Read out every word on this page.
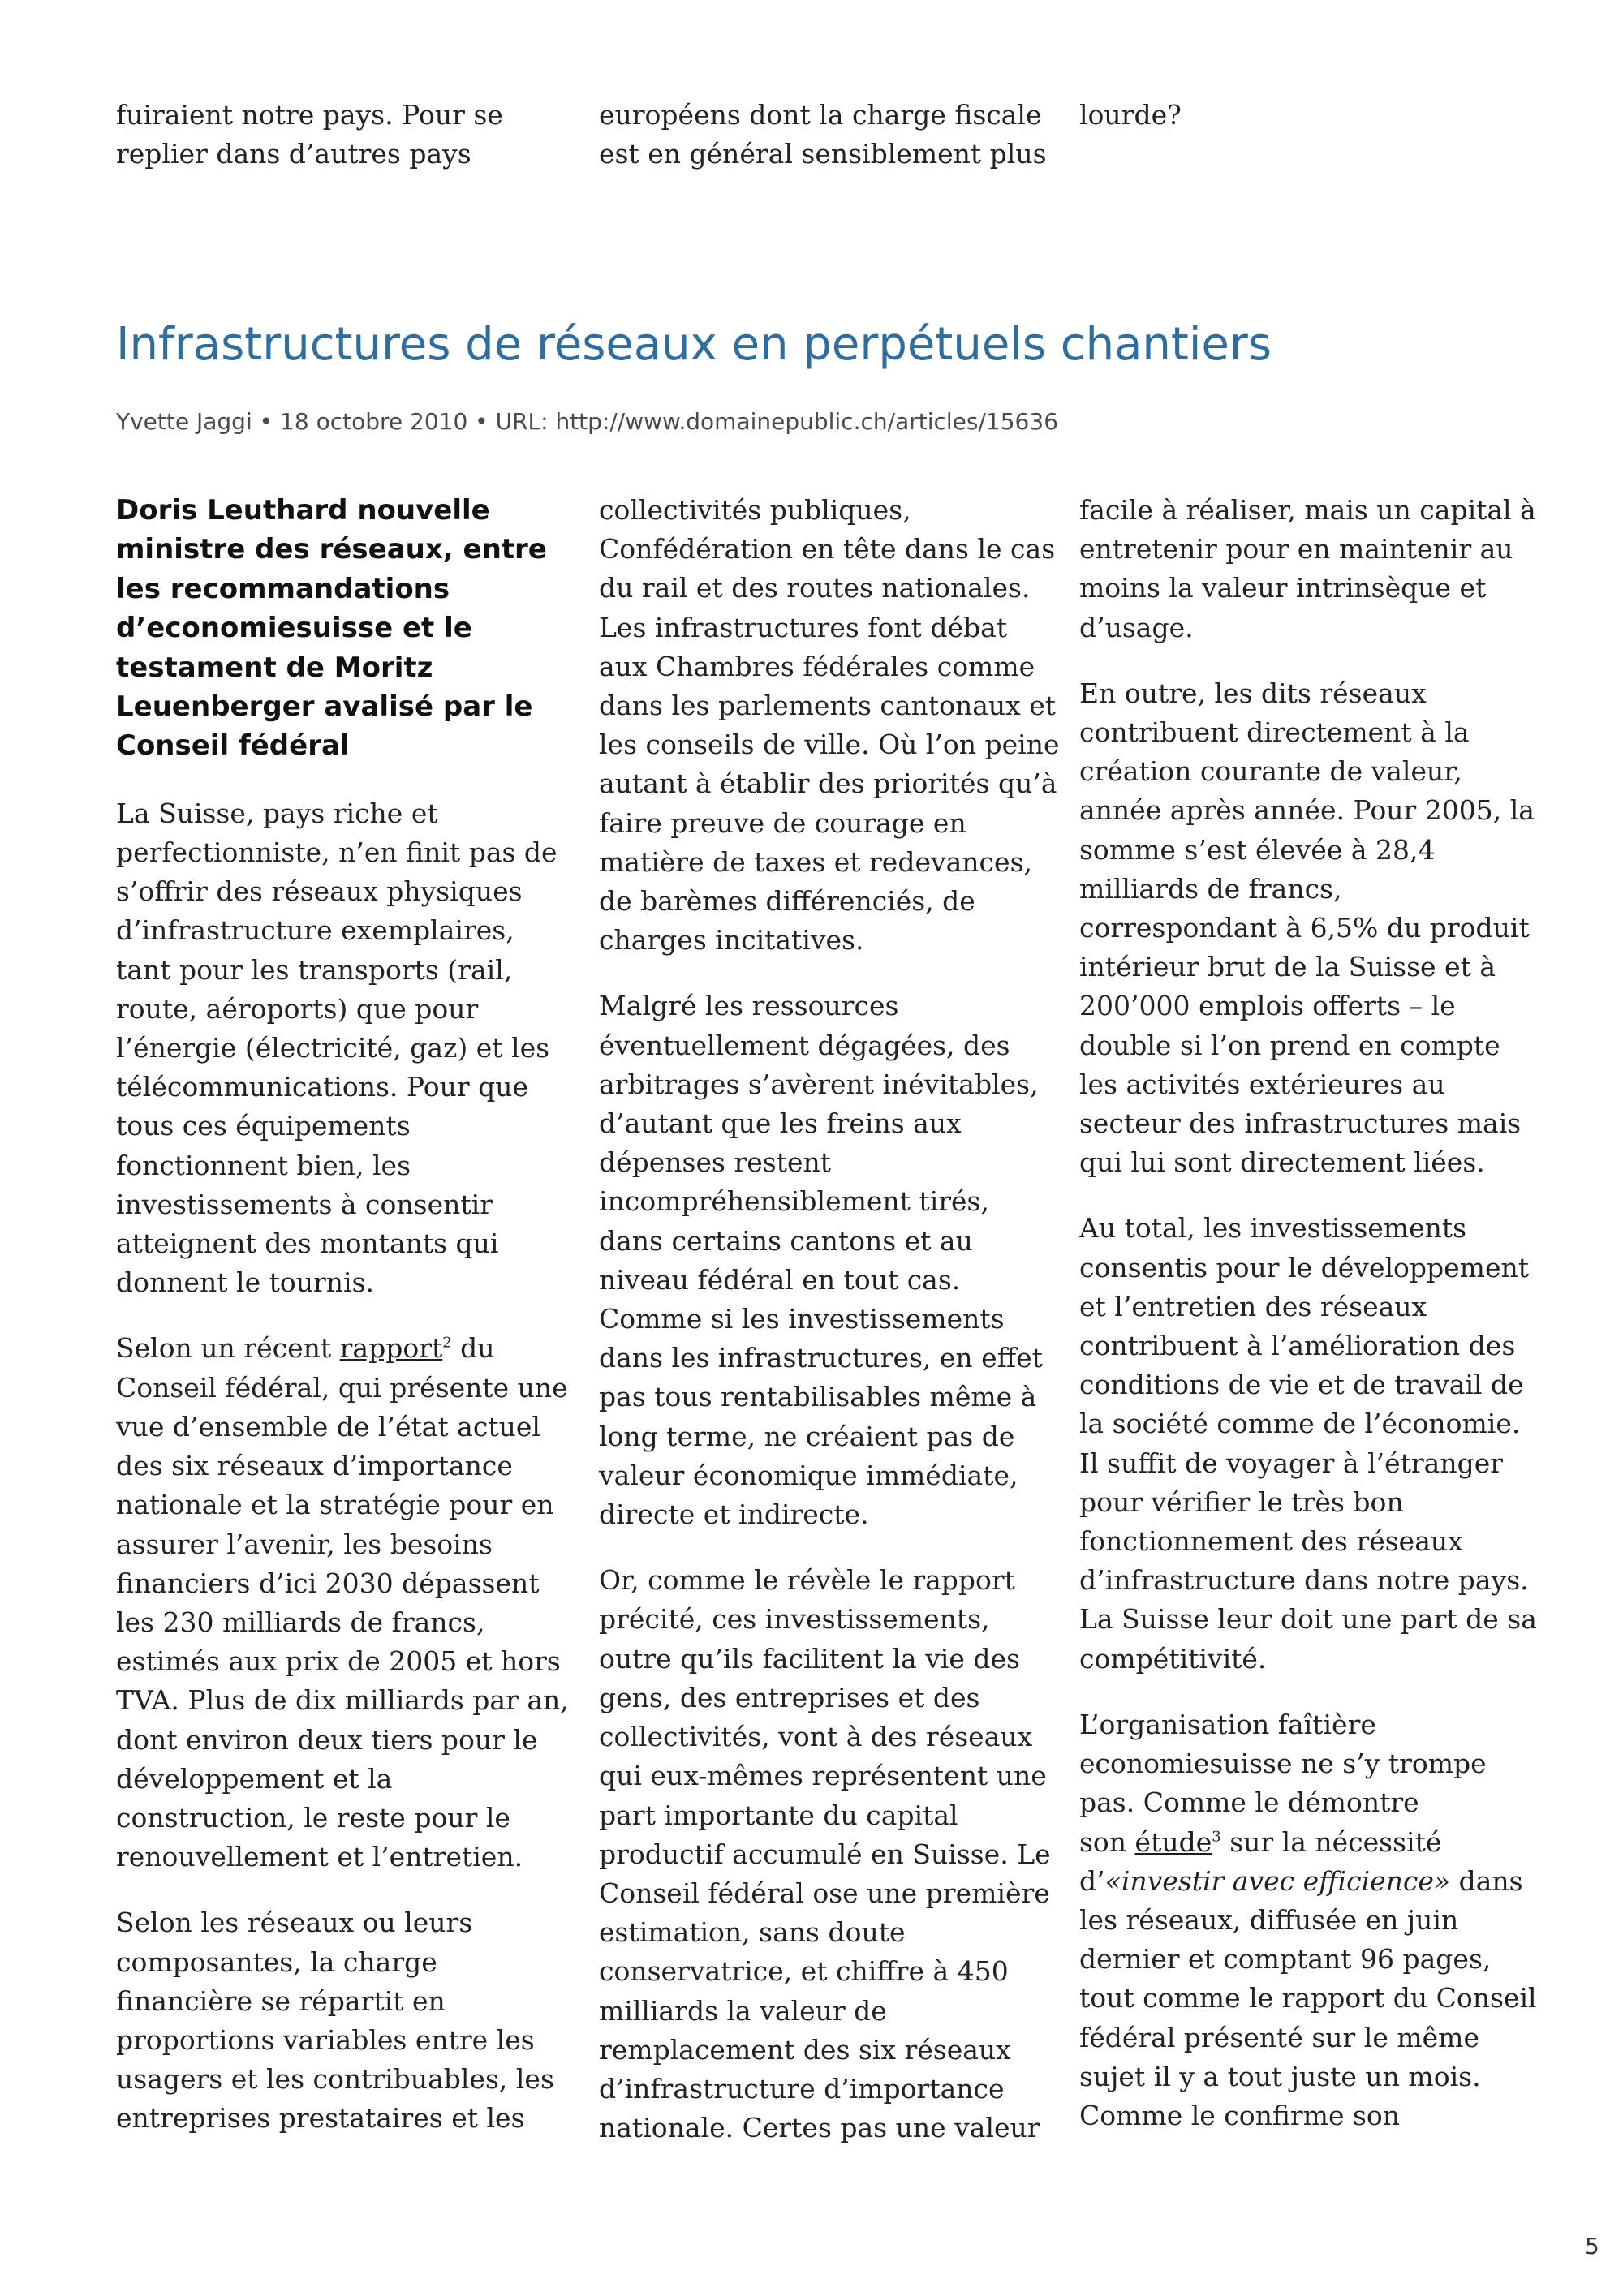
fuiraient notre pays. Pour se
replier dans d’autres pays
européens dont la charge fiscale
est en général sensiblement plus
lourde?
Infrastructures de réseaux en perpétuels chantiers
Yvette Jaggi • 18 octobre 2010 • URL: http://www.domainepublic.ch/articles/15636
Doris Leuthard nouvelle
ministre des réseaux, entre
les recommandations
d’economiesuisse et le
testament de Moritz
Leuenberger avalisé par le
Conseil fédéral

La Suisse, pays riche et
perfectionniste, n’en finit pas de
s’offrir des réseaux physiques
d’infrastructure exemplaires,
tant pour les transports (rail,
route, aéroports) que pour
l’énergie (électricité, gaz) et les
télécommunications. Pour que
tous ces équipements
fonctionnent bien, les
investissements à consentir
atteignent des montants qui
donnent le tournis.

Selon un récent rapport$^2$ du
Conseil fédéral, qui présente une
vue d’ensemble de l’état actuel
des six réseaux d’importance
nationale et la stratégie pour en
assurer l’avenir, les besoins
financiers d’ici 2030 dépassent
les 230 milliards de francs,
estimés aux prix de 2005 et hors
TVA. Plus de dix milliards par an,
dont environ deux tiers pour le
développement et la
construction, le reste pour le
renouvellement et l’entretien.

Selon les réseaux ou leurs
composantes, la charge
financière se répartit en
proportions variables entre les
usagers et les contribuables, les
entreprises prestataires et les

collectivités publiques,
Confédération en tête dans le cas
du rail et des routes nationales.
Les infrastructures font débat
aux Chambres fédérales comme
dans les parlements cantonaux et
les conseils de ville. Où l’on peine
autant à établir des priorités qu’à
faire preuve de courage en
matière de taxes et redevances,
de barèmes différenciés, de
charges incitatives.

Malgré les ressources
éventuellement dégagées, des
arbitrages s’avèrent inévitables,
d’autant que les freins aux
dépenses restent
incompréhensiblement tirés,
dans certains cantons et au
niveau fédéral en tout cas.
Comme si les investissements
dans les infrastructures, en effet
pas tous rentabilisables même à
long terme, ne créaient pas de
valeur économique immédiate,
directe et indirecte.

Or, comme le révèle le rapport
précité, ces investissements,
outre qu’ils facilitent la vie des
gens, des entreprises et des
collectivités, vont à des réseaux
qui eux-mêmes représentent une
part importante du capital
productif accumulé en Suisse. Le
Conseil fédéral ose une première
estimation, sans doute
conservatrice, et chiffre à 450
milliards la valeur de
remplacement des six réseaux
d’infrastructure d’importance
nationale. Certes pas une valeur

facile à réaliser, mais un capital à
entretenir pour en maintenir au
moins la valeur intrinsèque et
d’usage.

En outre, les dits réseaux
contribuent directement à la
création courante de valeur,
année après année. Pour 2005, la
somme s’est élevée à 28,4
milliards de francs,
correspondant à 6,5% du produit
intérieur brut de la Suisse et à
200’000 emplois offerts – le
double si l’on prend en compte
les activités extérieures au
secteur des infrastructures mais
qui lui sont directement liées.

Au total, les investissements
consentis pour le développement
et l’entretien des réseaux
contribuent à l’amélioration des
conditions de vie et de travail de
la société comme de l’économie.
Il suffit de voyager à l’étranger
pour vérifier le très bon
fonctionnement des réseaux
d’infrastructure dans notre pays.
La Suisse leur doit une part de sa
compétitivité.

L’organisation faîtière
economiesuisse ne s’y trompe
pas. Comme le démontre
son étude$^3$ sur la nécessité
d’«investir avec efficience» dans
les réseaux, diffusée en juin
dernier et comptant 96 pages,
tout comme le rapport du Conseil
fédéral présenté sur le même
sujet il y a tout juste un mois.
Comme le confirme son

5
